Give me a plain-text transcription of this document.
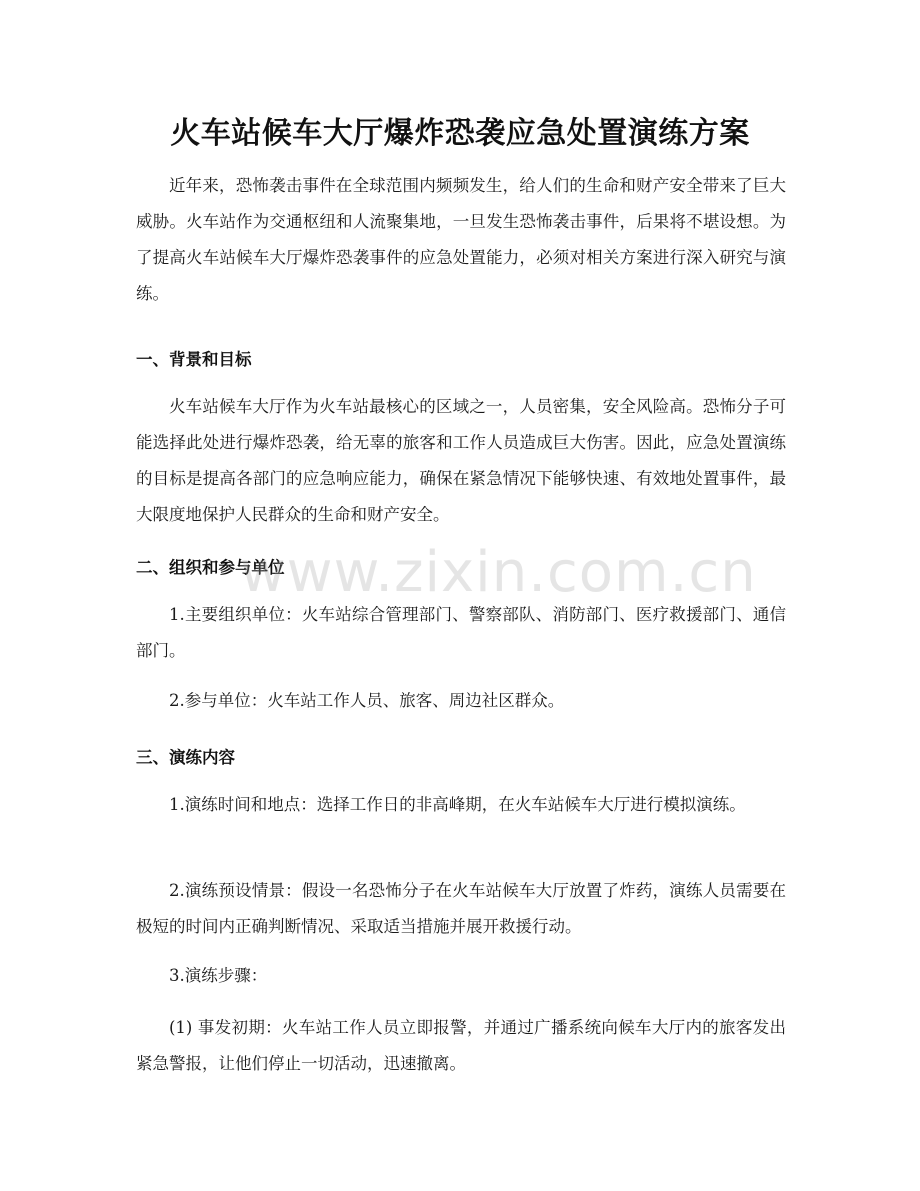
火车站候车大厅爆炸恐袭应急处置演练方案

近年来，恐怖袭击事件在全球范围内频频发生，给人们的生命和财产安全带来了巨大威胁。火车站作为交通枢纽和人流聚集地，一旦发生恐怖袭击事件，后果将不堪设想。为了提高火车站候车大厅爆炸恐袭事件的应急处置能力，必须对相关方案进行深入研究与演练。

一、背景和目标

火车站候车大厅作为火车站最核心的区域之一，人员密集，安全风险高。恐怖分子可能选择此处进行爆炸恐袭，给无辜的旅客和工作人员造成巨大伤害。因此，应急处置演练的目标是提高各部门的应急响应能力，确保在紧急情况下能够快速、有效地处置事件，最大限度地保护人民群众的生命和财产安全。

二、组织和参与单位

1.主要组织单位：火车站综合管理部门、警察部队、消防部门、医疗救援部门、通信部门。

2.参与单位：火车站工作人员、旅客、周边社区群众。

三、演练内容

1.演练时间和地点：选择工作日的非高峰期，在火车站候车大厅进行模拟演练。

2.演练预设情景：假设一名恐怖分子在火车站候车大厅放置了炸药，演练人员需要在极短的时间内正确判断情况、采取适当措施并展开救援行动。

3.演练步骤：

(1) 事发初期：火车站工作人员立即报警，并通过广播系统向候车大厅内的旅客发出紧急警报，让他们停止一切活动，迅速撤离。

www.zixin.com.cn
